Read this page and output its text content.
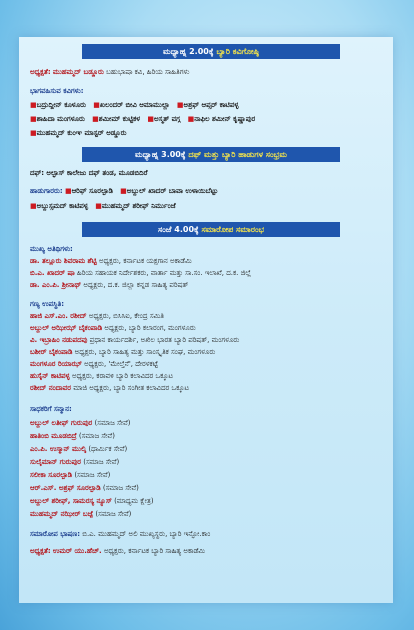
ಮಧ್ಯಾಹ್ನ 2.00ಕ್ಕೆ ಬ್ಯಾರಿ ಕವಿಗೋಷ್ಠಿ
ಅಧ್ಯಕ್ಷತೆ: ಮುಹಮ್ಮದ್ ಬಡ್ಡೂರು ಬಹುಭಾಷಾ ಕವಿ, ಹಿರಿಯ ಸಾಹಿತಿಗಳು
ಭಾಗವಹಿಸುವ ಕವಿಗಳು:
■ಬದ್ರುದ್ದೀನ್ ಕೂಳೂರು ■ಖಲಂದರ್ ಬೀವಿ ಆಮಾಮುಲ್ಲಾ ■ಅಶ್ರಫ್ ಆಪ್ಸರ್ ಕಾಟಿಪಳ್ಳ
■ಶಾಹಿದಾ ಮಂಗಳೂರು ■ಶಮೀಮ್ ಕುಟ್ಟಿಕಳ ■ಅಸ್ಮತ್ ವಗ್ಗ ■ನಾಫಿಲ ಶಮೀನ್ ಕೃಷ್ಣಾಪುರ
■ಮುಹಮ್ಮದ್ ಕುಂಞ ಮಾಸ್ಟರ್ ಅಡ್ಡೂರು
ಮಧ್ಯಾಹ್ನ 3.00ಕ್ಕೆ ದಫ್ ಮತ್ತು ಬ್ಯಾರಿ ಹಾಡುಗಳ ಸಂಭ್ರಮ
ದಫ್: ಅಲ್ಫಾಸ್ ಕಾಲೇಜು ದಫ್ ತಂಡ, ಮೂಡಬಿದಿರೆ
ಹಾಡುಗಾರರು: ■ಆರಿಫ್ ಸೂರಲ್ಪಾಡಿ ■ಅಬ್ದುಲ್ ಖಾದರ್ ಬಾವಾ ಉಳಾಯಿಬೆಟ್ಟು
■ಅಬ್ದುಸ್ಸಮದ್ ಕಾಟಿಪಳ್ಳ ■ಮುಹಮ್ಮದ್ ಶರೀಫ್ ನಿರ್ಮುಂಜೆ
ಸಂಜೆ 4.00ಕ್ಕೆ ಸಮಾರೋಪ ಸಮಾರಂಭ
ಮುಖ್ಯ ಅತಿಥಿಗಳು:
ಡಾ. ತಲ್ಲೂರು ಶಿವರಾಮ ಶೆಟ್ಟಿ ಅಧ್ಯಕ್ಷರು, ಕರ್ನಾಟಕ ಯಕ್ಷಗಾನ ಅಕಾಡೆಮಿ
ಬಿ.ಎ. ಖಾದರ್ ಷಾ ಹಿರಿಯ ಸಹಾಯಕ ನಿರ್ದೇಶಕರು, ವಾರ್ತಾ ಮತ್ತು ಸಾ.ಸಂ. ಇಲಾಖೆ, ದ.ಕ. ಜಿಲ್ಲೆ
ಡಾ. ಎಂ.ಪಿ. ಶ್ರೀನಾಥ್ ಅಧ್ಯಕ್ಷರು, ದ.ಕ. ಜಿಲ್ಲಾ ಕನ್ನಡ ಸಾಹಿತ್ಯ ಪರಿಷತ್
ಗಣ್ಯ ಉಪಸ್ಥಿತಿ:
ಹಾಜಿ ಎಸ್.ಎಂ. ರಶೀದ್ ಅಧ್ಯಕ್ಷರು, ಬಿಸಿಸಿಐ, ಕೇಂದ್ರ ಸಮಿತಿ
ಅಬ್ದುಲ್ ಅಝೀಝ್ ಬೈಕಂಪಾಡಿ ಅಧ್ಯಕ್ಷರು, ಬ್ಯಾರಿ ಕಲಾರಂಗ, ಮಂಗಳೂರು
ವಿ. ಇಬ್ರಾಹಿಂ ನಡುಪದವು ಪ್ರಧಾನ ಕಾರ್ಯದರ್ಶಿ, ಅಖಿಲ ಭಾರತ ಬ್ಯಾರಿ ಪರಿಷತ್, ಮಂಗಳೂರು
ಬಶೀರ್ ಬೈಕಂಪಾಡಿ ಅಧ್ಯಕ್ಷರು, ಬ್ಯಾರಿ ಸಾಹಿತ್ಯ ಮತ್ತು ಸಾಂಸ್ಕೃತಿಕ ಸಂಘ, ಮಂಗಳೂರು
ಮಂಗಳೂರ ರಿಯಾಝ್ ಅಧ್ಯಕ್ಷರು, 'ಮೇಲ್ತೆನೆ', ದೇರಳಕಟ್ಟೆ
ಹುಸೈನ್ ಕಾಟಿಪಳ್ಳ ಅಧ್ಯಕ್ಷರು, ಕರಾವಳಿ ಬ್ಯಾರಿ ಕಲಾವಿದರ ಒಕ್ಕೂಟ
ರಶೀದ್ ನಂದಾವರ ಮಾಜಿ ಅಧ್ಯಕ್ಷರು, ಬ್ಯಾರಿ ಸಂಗೀತ ಕಲಾವಿದರ ಒಕ್ಕೂಟ
ಸಾಧಕರಿಗೆ ಸನ್ಮಾನ:
ಅಬ್ದುಲ್ ಲತೀಫ್ ಗುರುಪುರ (ಸಮಾಜ ಸೇವೆ)
ಹಾತಿಂಬಿ ಮೂಡಬಿದ್ರೆ (ಸಮಾಜ ಸೇವೆ)
ಎಂ.ಪಿ. ಉಸ್ಮಾನ್ ಮುಲ್ಕಿ (ಧಾರ್ಮಿಕ ಸೇವೆ)
ಸುಲೈಮಾನ್ ಗುರುಪುರ (ಸಮಾಜ ಸೇವೆ)
ಸಲೀಕಾ ಸೂರಲ್ಪಾಡಿ (ಸಮಾಜ ಸೇವೆ)
ಆರ್.ಎಸ್. ಅಶ್ರಫ್ ಸೂರಲ್ಪಾಡಿ (ಸಮಾಜ ಸೇವೆ)
ಅಬ್ದುಲ್ ಶರೀಫ್, ಸಾಮರಸ್ಯ ನ್ಯೂಸ್ (ಮಾಧ್ಯಮ ಕ್ಷೇತ್ರ)
ಮುಹಮ್ಮದ್ ನಝೀರ್ ಬಜ್ಪೆ (ಸಮಾಜ ಸೇವೆ)
ಸಮಾರೋಪ ಭಾಷಣ: ಬಿ.ಎ. ಮುಹಮ್ಮದ್ ಅಲಿ ಮುಖ್ಯಸ್ಥರು, ಬ್ಯಾರಿ ಇನ್ಫೋ.ಕಾಂ
ಅಧ್ಯಕ್ಷತೆ: ಉಮರ್ ಯು.ಹೆಚ್. ಅಧ್ಯಕ್ಷರು, ಕರ್ನಾಟಕ ಬ್ಯಾರಿ ಸಾಹಿತ್ಯ ಅಕಾಡೆಮಿ
